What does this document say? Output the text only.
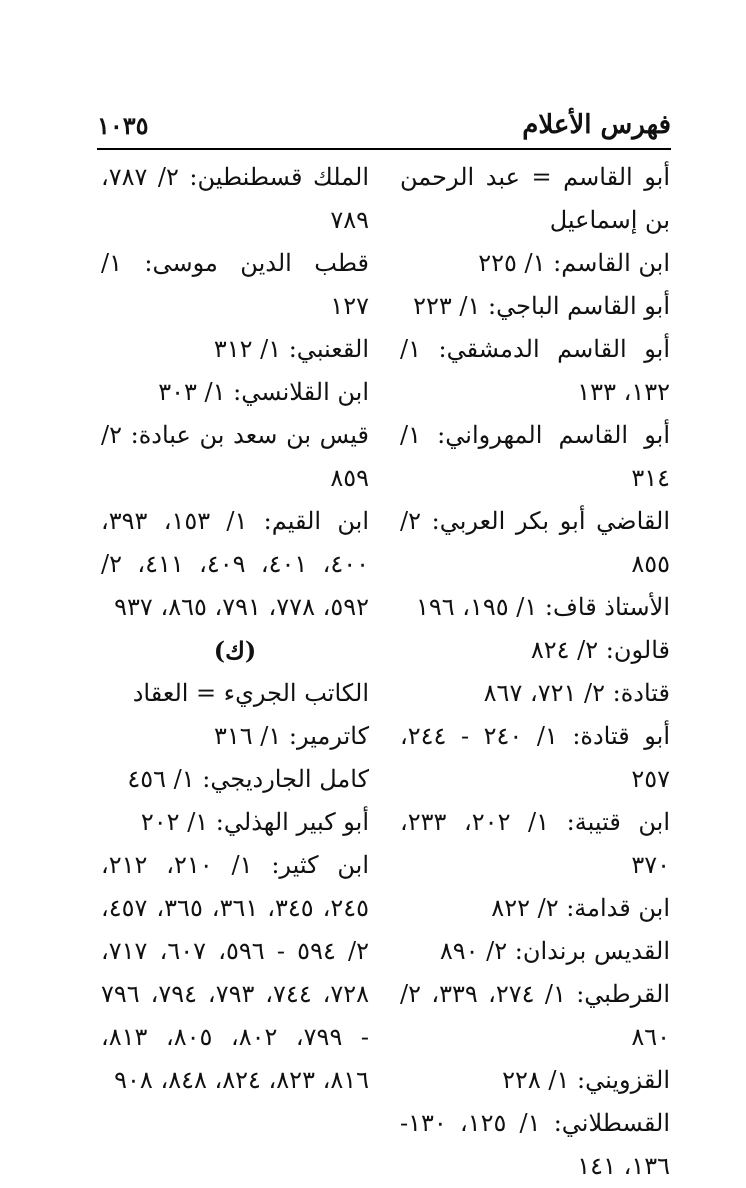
فهرس الأعلام
١٠٣٥
أبو القاسم = عبد الرحمن بن إسماعيل
ابن القاسم: ١/ ٢٢٥
أبو القاسم الباجي: ١/ ٢٢٣
أبو القاسم الدمشقي: ١/ ١٣٢، ١٣٣
أبو القاسم المهرواني: ١/ ٣١٤
القاضي أبو بكر العربي: ٢/ ٨٥٥
الأستاذ قاف: ١/ ١٩٥، ١٩٦
قالون: ٢/ ٨٢٤
قتادة: ٢/ ٧٢١، ٨٦٧
أبو قتادة: ١/ ٢٤٠ - ٢٤٤، ٢٥٧
ابن قتيبة: ١/ ٢٠٢، ٢٣٣، ٣٧٠
ابن قدامة: ٢/ ٨٢٢
القديس برندان: ٢/ ٨٩٠
القرطبي: ١/ ٢٧٤، ٣٣٩، ٢/ ٨٦٠
القزويني: ١/ ٢٢٨
القسطلاني: ١/ ١٢٥، ١٣٠- ١٣٦، ١٤١
الملك قسطنطين: ٢/ ٧٨٧، ٧٨٩
قطب الدين موسى: ١/ ١٢٧
القعنبي: ١/ ٣١٢
ابن القلانسي: ١/ ٣٠٣
قيس بن سعد بن عبادة: ٢/ ٨٥٩
ابن القيم: ١/ ١٥٣، ٣٩٣، ٤٠٠، ٤٠١، ٤٠٩، ٤١١، ٢/ ٥٩٢، ٧٧٨، ٧٩١، ٨٦٥، ٩٣٧
(ك)
الكاتب الجريء = العقاد
كاترمير: ١/ ٣١٦
كامل الجارديجي: ١/ ٤٥٦
أبو كبير الهذلي: ١/ ٢٠٢
ابن كثير: ١/ ٢١٠، ٢١٢، ٢٤٥، ٣٤٥، ٣٦١، ٣٦٥، ٤٥٧، ٢/ ٥٩٤ - ٥٩٦، ٦٠٧، ٧١٧، ٧٢٨، ٧٤٤، ٧٩٣، ٧٩٤، ٧٩٦ - ٧٩٩، ٨٠٢، ٨٠٥، ٨١٣، ٨١٦، ٨٢٣، ٨٢٤، ٨٤٨، ٩٠٨
